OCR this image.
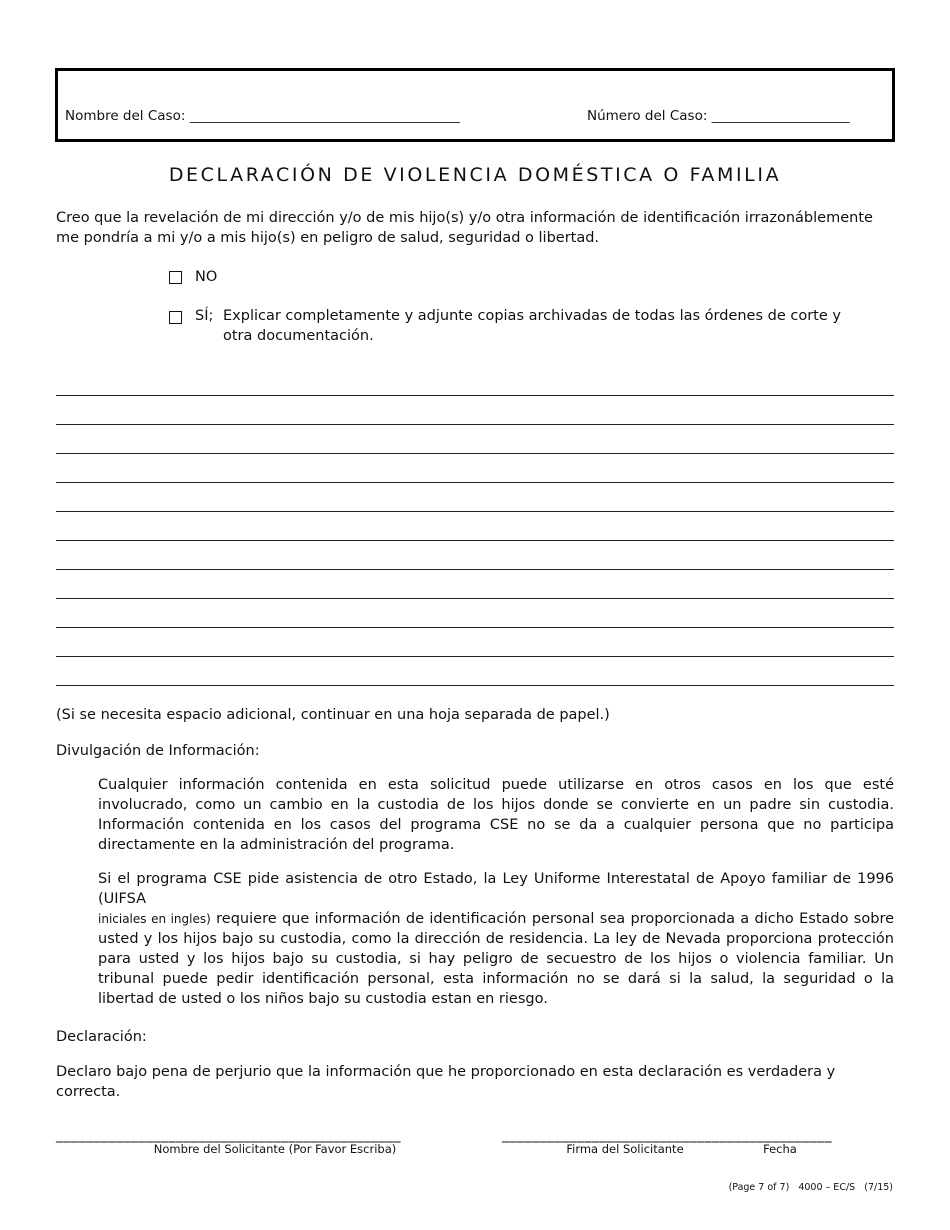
Nombre del Caso: _____________________________________________	Número del Caso: _______________________
DECLARACIÓN DE VIOLENCIA DOMÉSTICA O FAMILIA
Creo que la revelación de mi dirección y/o de mis hijo(s) y/o otra información de identificación irrazonáblemente me pondría a mi y/o a mis hijo(s) en peligro de salud, seguridad o libertad.
NO
SÍ; Explicar completamente y adjunte copias archivadas de todas las órdenes de corte y otra documentación.
(Si se necesita espacio adicional, continuar en una hoja separada de papel.)
Divulgación de Información:
Cualquier información contenida en esta solicitud puede utilizarse en otros casos en los que esté involucrado, como un cambio en la custodia de los hijos donde se convierte en un padre sin custodia. Información contenida en los casos del programa CSE no se da a cualquier persona que no participa directamente en la administración del programa.
Si el programa CSE pide asistencia de otro Estado, la Ley Uniforme Interestatal de Apoyo familiar de 1996 (UIFSA
iniciales en ingles) requiere que información de identificación personal sea proporcionada a dicho Estado sobre usted y los hijos bajo su custodia, como la dirección de residencia. La ley de Nevada proporciona protección para usted y los hijos bajo su custodia, si hay peligro de secuestro de los hijos o violencia familiar. Un tribunal puede pedir identificación personal, esta información no se dará si la salud, la seguridad o la libertad de usted o los niños bajo su custodia estan en riesgo.
Declaración:
Declaro bajo pena de perjurio que la información que he proporcionado en esta declaración es verdadera y correcta.
______________________________________________	____________________________________________
Nombre del Solicitante (Por Favor Escriba)	Firma del Solicitante	Fecha
(Page 7 of 7) 4000 – EC/S (7/15)
